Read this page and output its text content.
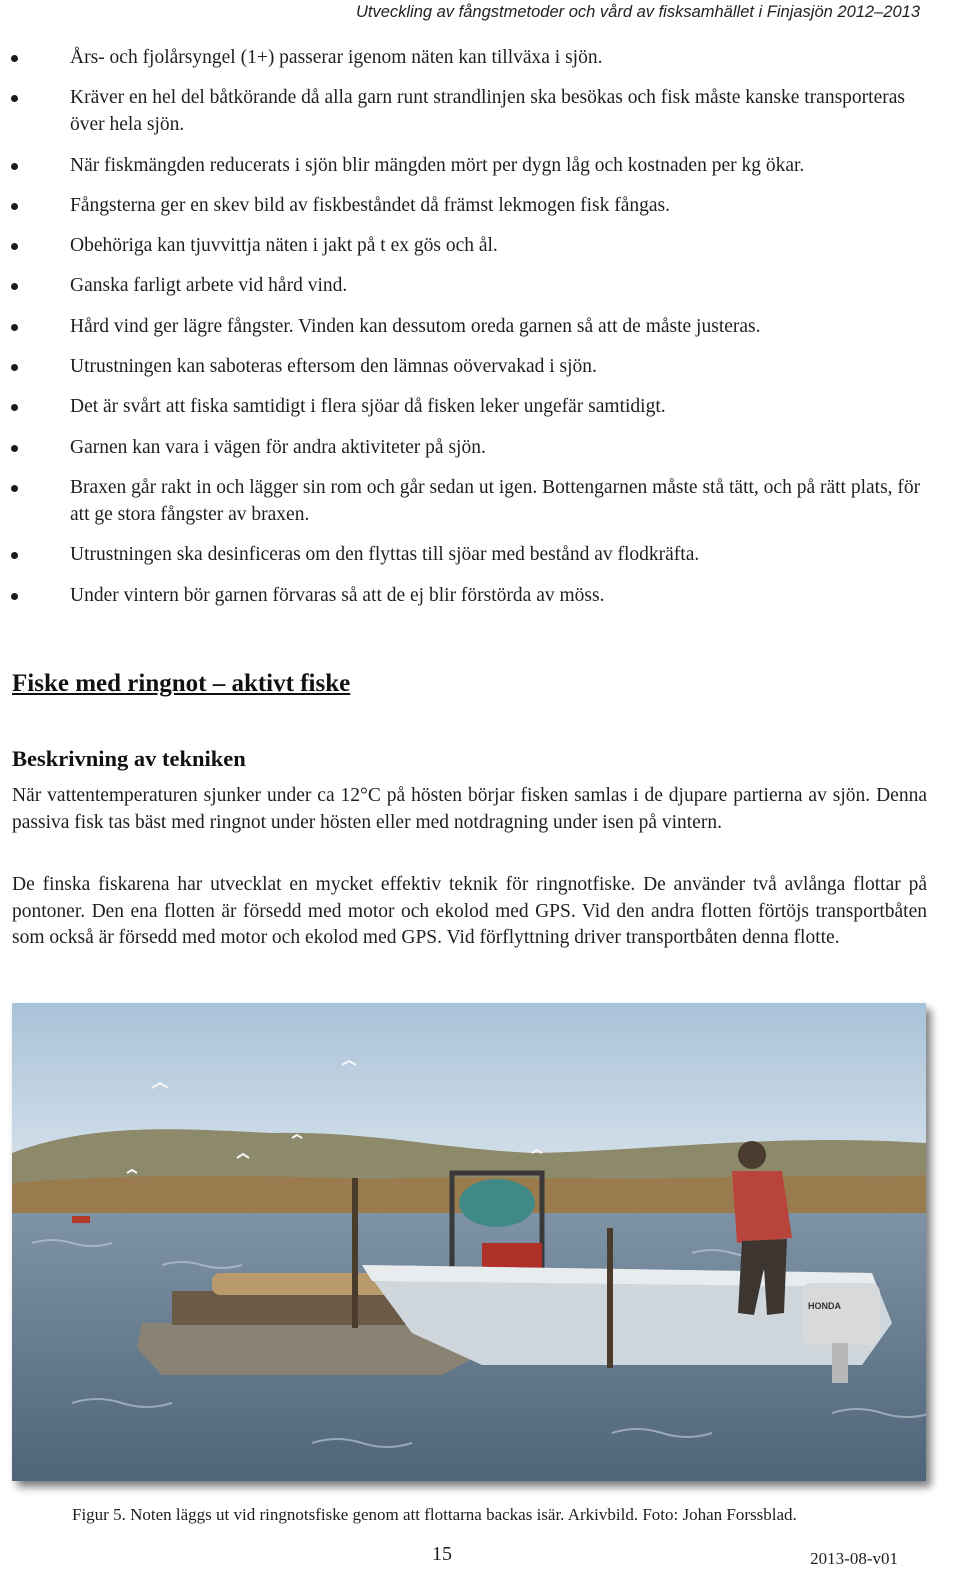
Utveckling av fångstmetoder och vård av fisksamhället i Finjasjön 2012–2013
Års- och fjolårsyngel (1+) passerar igenom näten kan tillväxa i sjön.
Kräver en hel del båtkörande då alla garn runt strandlinjen ska besökas och fisk måste kanske transporteras över hela sjön.
När fiskmängden reducerats i sjön blir mängden mört per dygn låg och kostnaden per kg ökar.
Fångsterna ger en skev bild av fiskbeståndet då främst lekmogen fisk fångas.
Obehöriga kan tjuvvittja näten i jakt på t ex gös och ål.
Ganska farligt arbete vid hård vind.
Hård vind ger lägre fångster. Vinden kan dessutom oreda garnen så att de måste justeras.
Utrustningen kan saboteras eftersom den lämnas oövervakad i sjön.
Det är svårt att fiska samtidigt i flera sjöar då fisken leker ungefär samtidigt.
Garnen kan vara i vägen för andra aktiviteter på sjön.
Braxen går rakt in och lägger sin rom och går sedan ut igen. Bottengarnen måste stå tätt, och på rätt plats, för att ge stora fångster av braxen.
Utrustningen ska desinficeras om den flyttas till sjöar med bestånd av flodkräfta.
Under vintern bör garnen förvaras så att de ej blir förstörda av möss.
Fiske med ringnot – aktivt fiske
Beskrivning av tekniken

När vattentemperaturen sjunker under ca 12°C på hösten börjar fisken samlas i de djupare partierna av sjön. Denna passiva fisk tas bäst med ringnot under hösten eller med notdragning under isen på vintern.

De finska fiskarena har utvecklat en mycket effektiv teknik för ringnotfiske. De använder två avlånga flottar på pontoner. Den ena flotten är försedd med motor och ekolod med GPS. Vid den andra flotten förtöjs transportbåten som också är försedd med motor och ekolod med GPS. Vid förflyttning driver transportbåten denna flotte.

HONDA
Figur 5. Noten läggs ut vid ringnotsfiske genom att flottarna backas isär. Arkivbild. Foto: Johan Forssblad.
15	2013-08-v01
